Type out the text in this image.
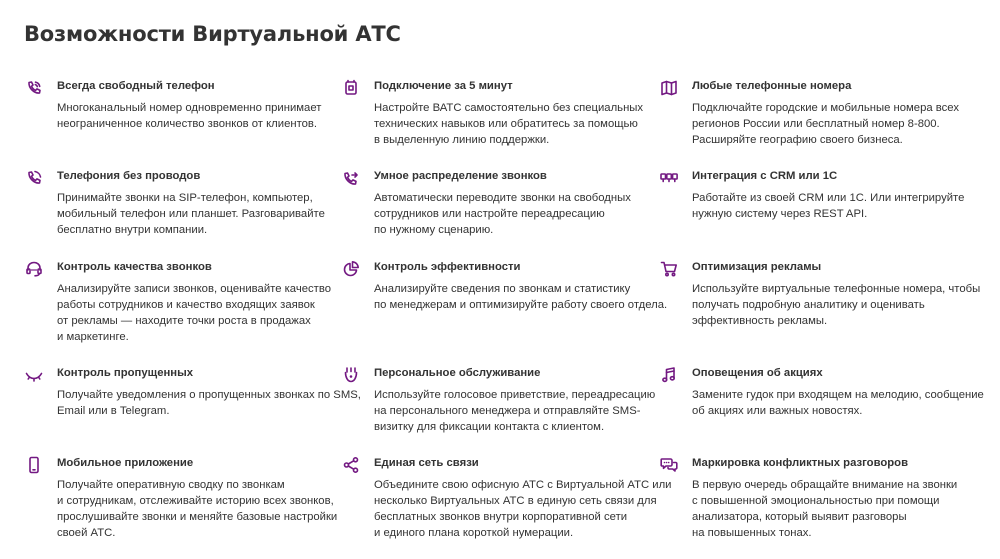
Возможности Виртуальной АТС
Всегда свободный телефон
Многоканальный номер одновременно принимает
неограниченное количество звонков от клиентов.
Подключение за 5 минут
Настройте ВАТС самостоятельно без специальных
технических навыков или обратитесь за помощью
в выделенную линию поддержки.
Любые телефонные номера
Подключайте городские и мобильные номера всех
регионов России или бесплатный номер 8-800.
Расширяйте географию своего бизнеса.
Телефония без проводов
Принимайте звонки на SIP-телефон, компьютер,
мобильный телефон или планшет. Разговаривайте
бесплатно внутри компании.
Умное распределение звонков
Автоматически переводите звонки на свободных
сотрудников или настройте переадресацию
по нужному сценарию.
Интеграция с CRM или 1С
Работайте из своей CRM или 1С. Или интегрируйте
нужную систему через REST API.
Контроль качества звонков
Анализируйте записи звонков, оценивайте качество
работы сотрудников и качество входящих заявок
от рекламы — находите точки роста в продажах
и маркетинге.
Контроль эффективности
Анализируйте сведения по звонкам и статистику
по менеджерам и оптимизируйте работу своего отдела.
Оптимизация рекламы
Используйте виртуальные телефонные номера, чтобы
получать подробную аналитику и оценивать
эффективность рекламы.
Контроль пропущенных
Получайте уведомления о пропущенных звонках по SMS,
Email или в Telegram.
Персональное обслуживание
Используйте голосовое приветствие, переадресацию
на персонального менеджера и отправляйте SMS-
визитку для фиксации контакта с клиентом.
Оповещения об акциях
Замените гудок при входящем на мелодию, сообщение
об акциях или важных новостях.
Мобильное приложение
Получайте оперативную сводку по звонкам
и сотрудникам, отслеживайте историю всех звонков,
прослушивайте звонки и меняйте базовые настройки
своей АТС.
Единая сеть связи
Объедините свою офисную АТС с Виртуальной АТС или
несколько Виртуальных АТС в единую сеть связи для
бесплатных звонков внутри корпоративной сети
и единого плана короткой нумерации.
Маркировка конфликтных разговоров
В первую очередь обращайте внимание на звонки
с повышенной эмоциональностью при помощи
анализатора, который выявит разговоры
на повышенных тонах.
